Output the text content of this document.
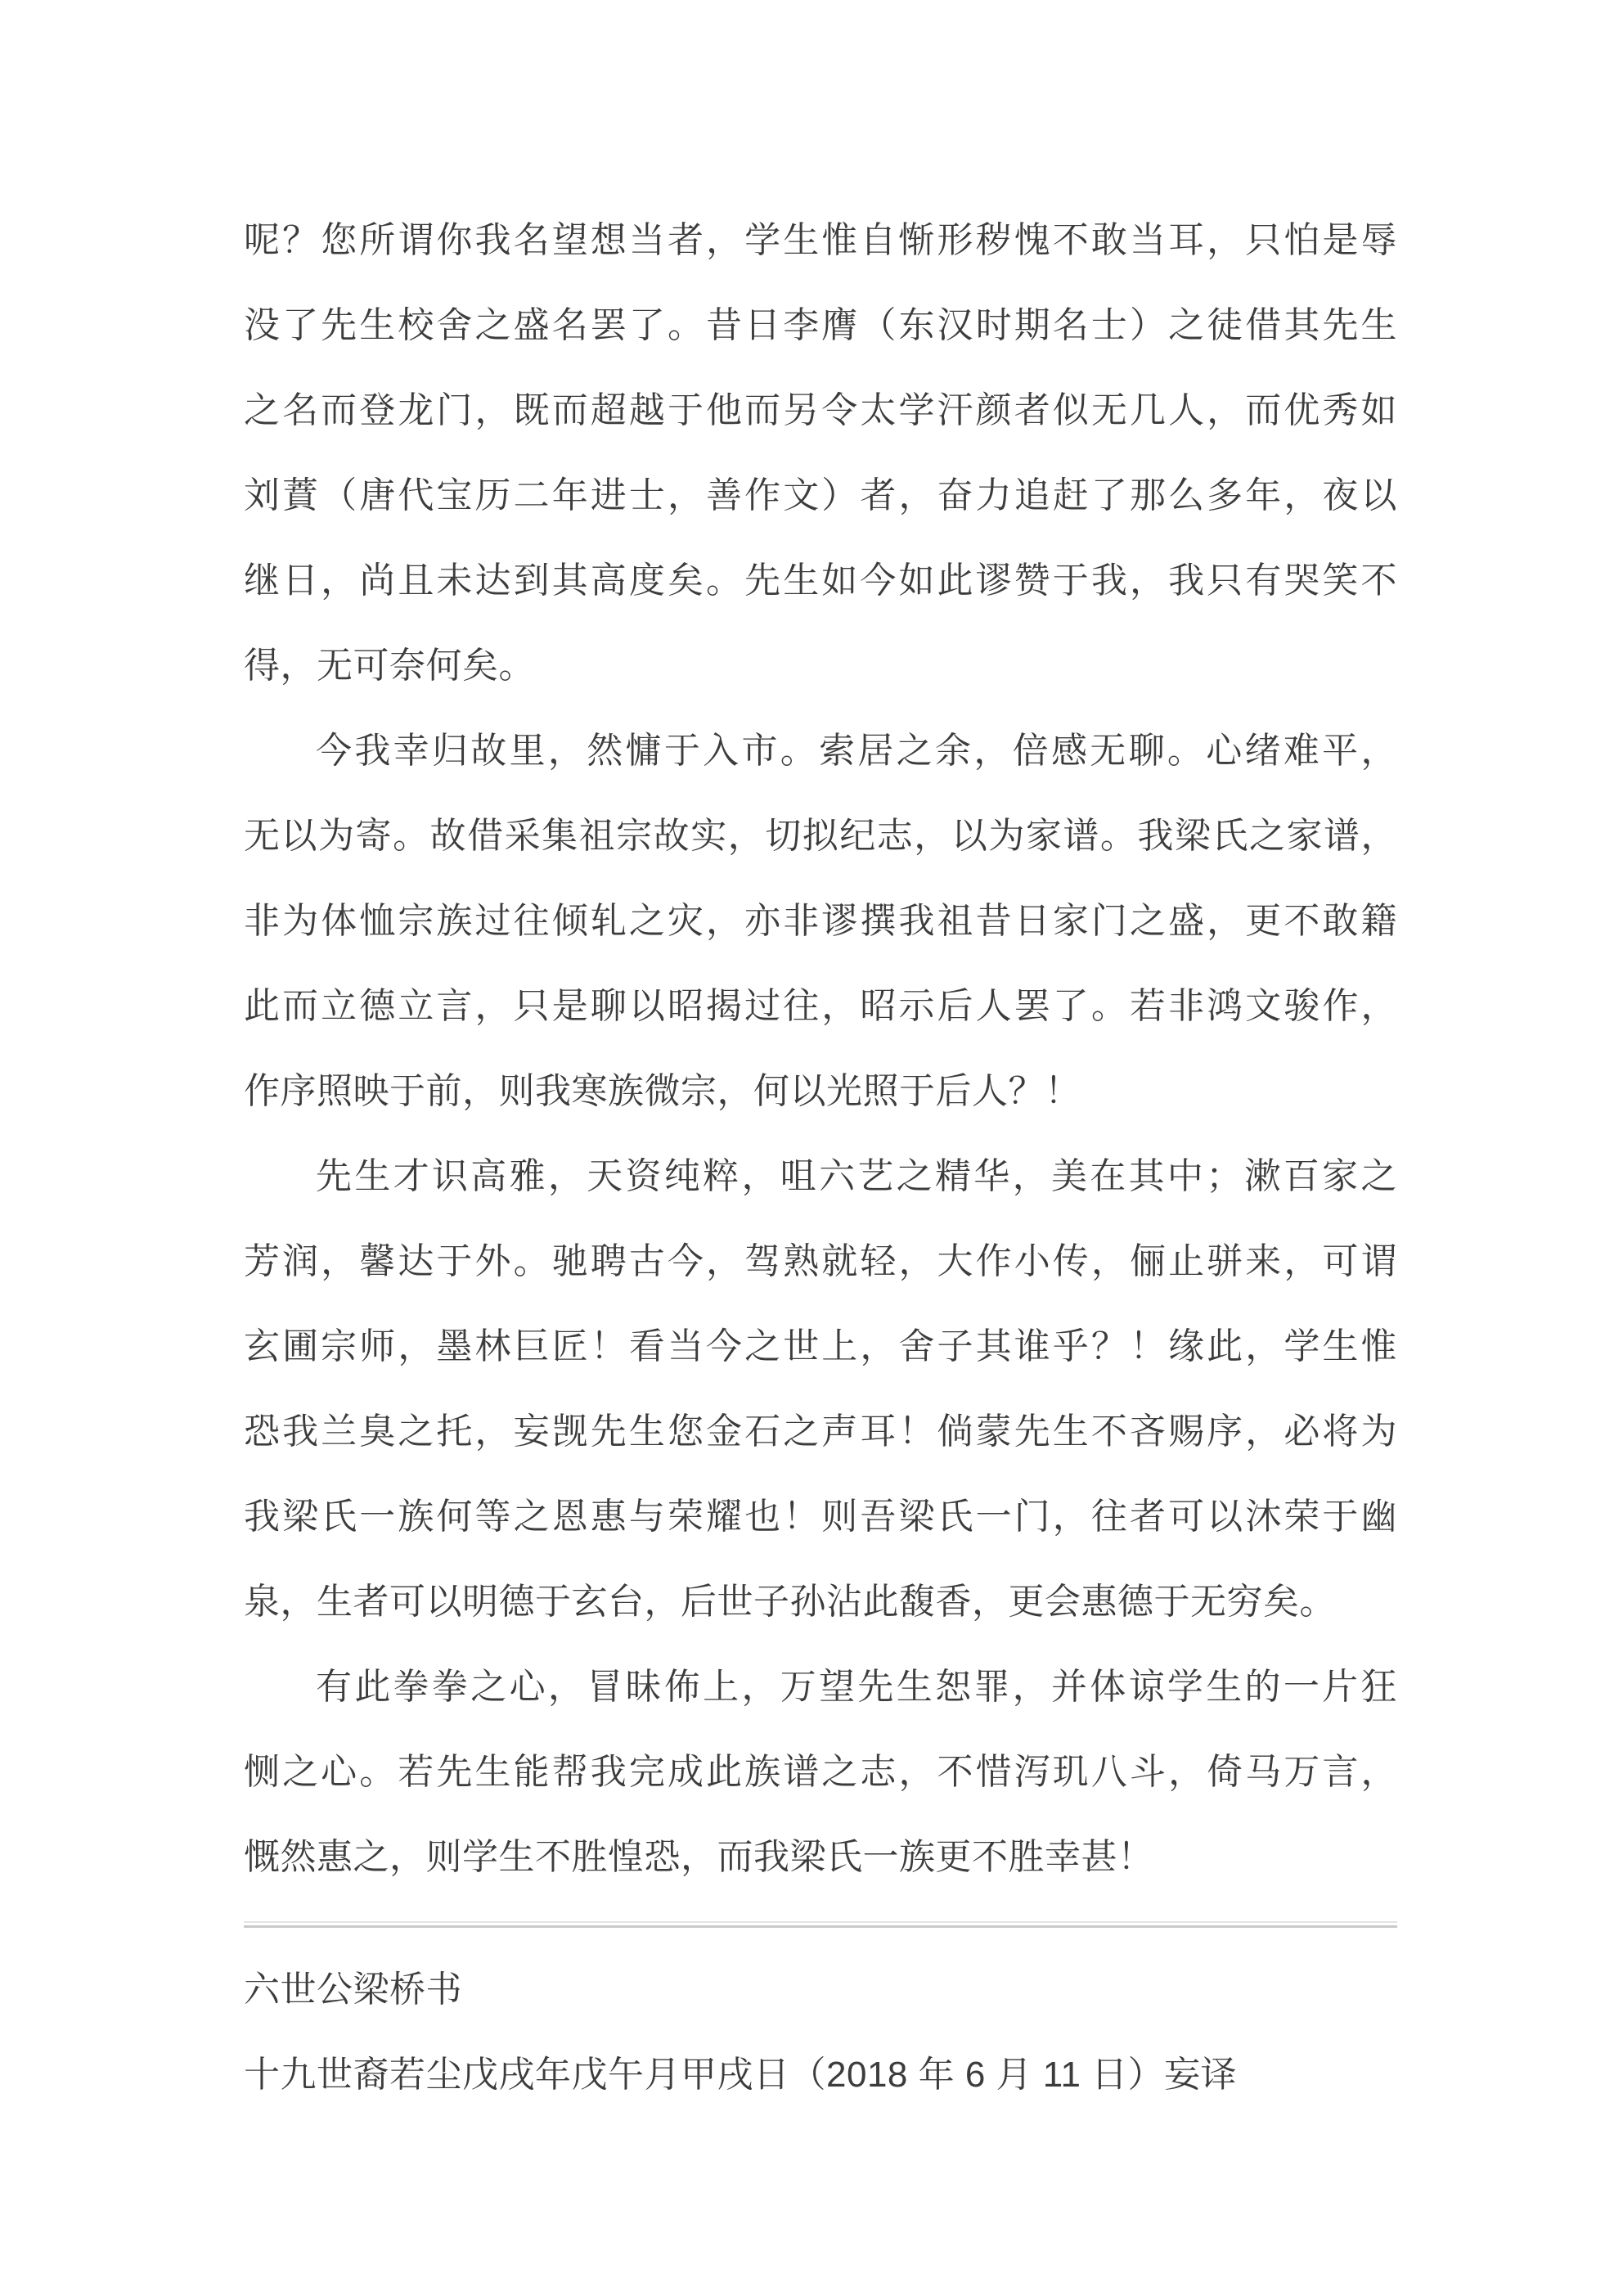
呢？您所谓你我名望想当者，学生惟自惭形秽愧不敢当耳，只怕是辱
没了先生校舍之盛名罢了。昔日李膺（东汉时期名士）之徒借其先生
之名而登龙门，既而超越于他而另令太学汗颜者似无几人，而优秀如
刘蕡（唐代宝历二年进士，善作文）者，奋力追赶了那么多年，夜以
继日，尚且未达到其高度矣。先生如今如此谬赞于我，我只有哭笑不
得，无可奈何矣。
今我幸归故里，然慵于入市。索居之余，倍感无聊。心绪难平，
无以为寄。故借采集祖宗故实，切拟纪志，以为家谱。我梁氏之家谱，
非为体恤宗族过往倾轧之灾，亦非谬撰我祖昔日家门之盛，更不敢籍
此而立德立言，只是聊以昭揭过往，昭示后人罢了。若非鸿文骏作，
作序照映于前，则我寒族微宗，何以光照于后人？！
先生才识高雅，天资纯粹，咀六艺之精华，美在其中；漱百家之
芳润，馨达于外。驰聘古今，驾熟就轻，大作小传，俪止骈来，可谓
玄圃宗师，墨林巨匠！看当今之世上，舍子其谁乎？！缘此，学生惟
恐我兰臭之托，妄觊先生您金石之声耳！倘蒙先生不吝赐序，必将为
我梁氏一族何等之恩惠与荣耀也！则吾梁氏一门，往者可以沐荣于幽
泉，生者可以明德于玄台，后世子孙沾此馥香，更会惠德于无穷矣。
有此拳拳之心，冒昧佈上，万望先生恕罪，并体谅学生的一片狂
恻之心。若先生能帮我完成此族谱之志，不惜泻玑八斗，倚马万言，
慨然惠之，则学生不胜惶恐，而我梁氏一族更不胜幸甚！
六世公梁桥书
十九世裔若尘戊戌年戊午月甲戌日（2018 年 6 月 11 日）妄译
